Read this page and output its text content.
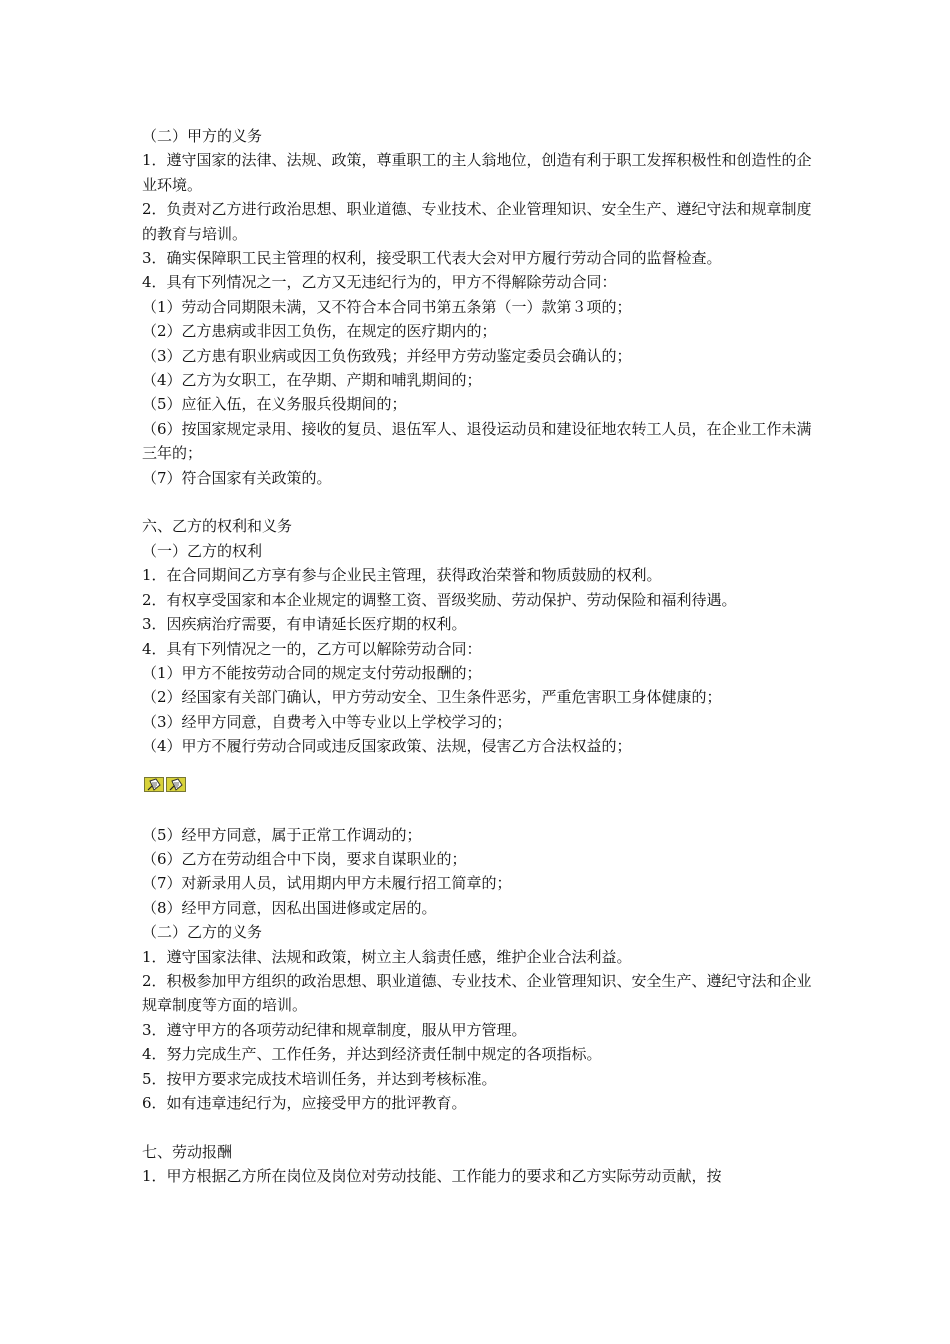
（二）甲方的义务
1．遵守国家的法律、法规、政策，尊重职工的主人翁地位，创造有利于职工发挥积极性和创造性的企业环境。
2．负责对乙方进行政治思想、职业道德、专业技术、企业管理知识、安全生产、遵纪守法和规章制度的教育与培训。
3．确实保障职工民主管理的权利，接受职工代表大会对甲方履行劳动合同的监督检查。
4．具有下列情况之一，乙方又无违纪行为的，甲方不得解除劳动合同：
（1）劳动合同期限未满，又不符合本合同书第五条第（一）款第３项的；
（2）乙方患病或非因工负伤，在规定的医疗期内的；
（3）乙方患有职业病或因工负伤致残；并经甲方劳动鉴定委员会确认的；
（4）乙方为女职工，在孕期、产期和哺乳期间的；
（5）应征入伍，在义务服兵役期间的；
（6）按国家规定录用、接收的复员、退伍军人、退役运动员和建设征地农转工人员，在企业工作未满三年的；
（7）符合国家有关政策的。
六、乙方的权利和义务
（一）乙方的权利
1．在合同期间乙方享有参与企业民主管理，获得政治荣誉和物质鼓励的权利。
2．有权享受国家和本企业规定的调整工资、晋级奖励、劳动保护、劳动保险和福利待遇。
3．因疾病治疗需要，有申请延长医疗期的权利。
4．具有下列情况之一的，乙方可以解除劳动合同：
（1）甲方不能按劳动合同的规定支付劳动报酬的；
（2）经国家有关部门确认，甲方劳动安全、卫生条件恶劣，严重危害职工身体健康的；
（3）经甲方同意，自费考入中等专业以上学校学习的；
（4）甲方不履行劳动合同或违反国家政策、法规，侵害乙方合法权益的；
（5）经甲方同意，属于正常工作调动的；
（6）乙方在劳动组合中下岗，要求自谋职业的；
（7）对新录用人员，试用期内甲方未履行招工简章的；
（8）经甲方同意，因私出国进修或定居的。
（二）乙方的义务
1．遵守国家法律、法规和政策，树立主人翁责任感，维护企业合法利益。
2．积极参加甲方组织的政治思想、职业道德、专业技术、企业管理知识、安全生产、遵纪守法和企业规章制度等方面的培训。
3．遵守甲方的各项劳动纪律和规章制度，服从甲方管理。
4．努力完成生产、工作任务，并达到经济责任制中规定的各项指标。
5．按甲方要求完成技术培训任务，并达到考核标准。
6．如有违章违纪行为，应接受甲方的批评教育。
七、劳动报酬
1．甲方根据乙方所在岗位及岗位对劳动技能、工作能力的要求和乙方实际劳动贡献，按
